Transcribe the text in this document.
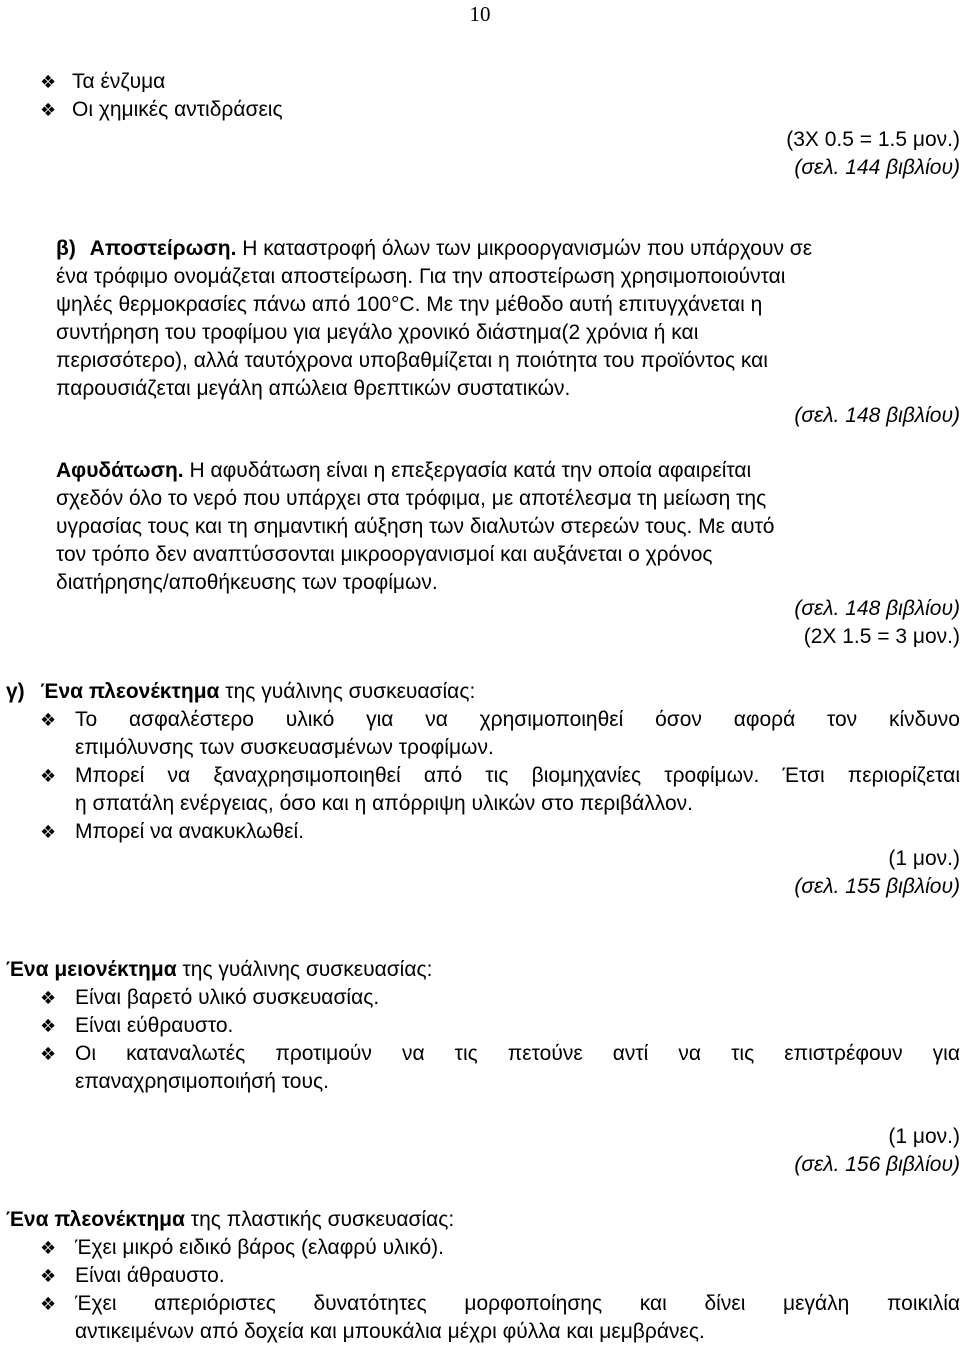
10
❖ Τα ένζυμα
❖ Οι χημικές αντιδράσεις
(3Χ 0.5 = 1.5 μον.)
(σελ. 144 βιβλίου)
β) Αποστείρωση. Η καταστροφή όλων των μικροοργανισμών που υπάρχουν σε
ένα τρόφιμο ονομάζεται αποστείρωση. Για την αποστείρωση χρησιμοποιούνται
ψηλές θερμοκρασίες πάνω από 100°C. Με την μέθοδο αυτή επιτυγχάνεται η
συντήρηση του τροφίμου για μεγάλο χρονικό διάστημα(2 χρόνια ή και
περισσότερο), αλλά ταυτόχρονα υποβαθμίζεται η ποιότητα του προϊόντος και
παρουσιάζεται μεγάλη απώλεια θρεπτικών συστατικών.
(σελ. 148 βιβλίου)
Αφυδάτωση. Η αφυδάτωση είναι η επεξεργασία κατά την οποία αφαιρείται
σχεδόν όλο το νερό που υπάρχει στα τρόφιμα, με αποτέλεσμα τη μείωση της
υγρασίας τους και τη σημαντική αύξηση των διαλυτών στερεών τους. Με αυτό
τον τρόπο δεν αναπτύσσονται μικροοργανισμοί και αυξάνεται ο χρόνος
διατήρησης/αποθήκευσης των τροφίμων.
(σελ. 148 βιβλίου)
(2Χ 1.5 = 3 μον.)
γ) Ένα πλεονέκτημα της γυάλινης συσκευασίας:
❖ Το ασφαλέστερο υλικό για να χρησιμοποιηθεί όσον αφορά τον κίνδυνο
επιμόλυνσης των συσκευασμένων τροφίμων.
❖ Μπορεί να ξαναχρησιμοποιηθεί από τις βιομηχανίες τροφίμων. Έτσι περιορίζεται
η σπατάλη ενέργειας, όσο και η απόρριψη υλικών στο περιβάλλον.
❖ Μπορεί να ανακυκλωθεί.
(1 μον.)
(σελ. 155 βιβλίου)
Ένα μειονέκτημα της γυάλινης συσκευασίας:
❖ Είναι βαρετό υλικό συσκευασίας.
❖ Είναι εύθραυστο.
❖ Οι καταναλωτές προτιμούν να τις πετούνε αντί να τις επιστρέφουν για
επαναχρησιμοποιήσή τους.
(1 μον.)
(σελ. 156 βιβλίου)
Ένα πλεονέκτημα της πλαστικής συσκευασίας:
❖ Έχει μικρό ειδικό βάρος (ελαφρύ υλικό).
❖ Είναι άθραυστο.
❖ Έχει απεριόριστες δυνατότητες μορφοποίησης και δίνει μεγάλη ποικιλία
αντικειμένων από δοχεία και μπουκάλια μέχρι φύλλα και μεμβράνες.
